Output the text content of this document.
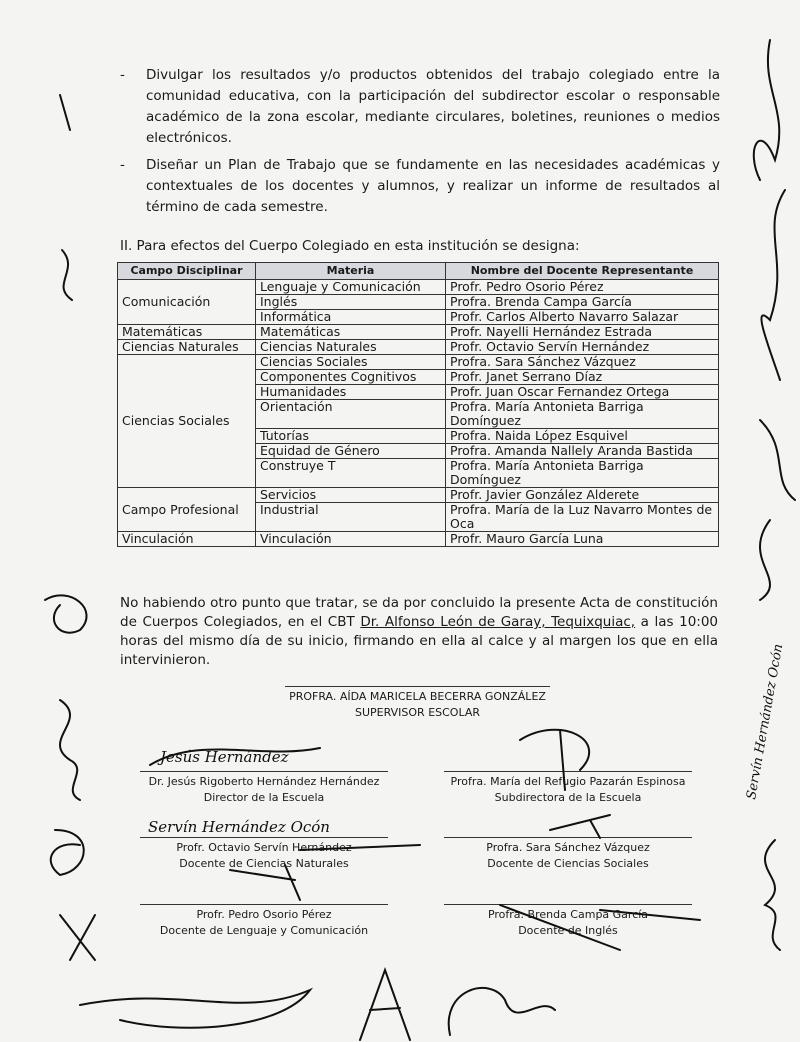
-	Divulgar los resultados y/o productos obtenidos del trabajo colegiado entre la comunidad educativa, con la participación del subdirector escolar o responsable académico de la zona escolar, mediante circulares, boletines, reuniones o medios electrónicos.
-	Diseñar un Plan de Trabajo que se fundamente en las necesidades académicas y contextuales de los docentes y alumnos, y realizar un informe de resultados al término de cada semestre.
II. Para efectos del Cuerpo Colegiado en esta institución se designa:
Campo Disciplinar	Materia	Nombre del Docente Representante
Comunicación	Lenguaje y Comunicación	Profr. Pedro Osorio Pérez
	Inglés	Profra. Brenda Campa García
	Informática	Profr. Carlos Alberto Navarro Salazar
Matemáticas	Matemáticas	Profr. Nayelli Hernández Estrada
Ciencias Naturales	Ciencias Naturales	Profr. Octavio Servín Hernández
Ciencias Sociales	Ciencias Sociales	Profra. Sara Sánchez Vázquez
	Componentes Cognitivos	Profr. Janet Serrano Díaz
	Humanidades	Profr. Juan Oscar Fernandez Ortega
	Orientación	Profra. María Antonieta Barriga Domínguez
	Tutorías	Profra. Naida López Esquivel
	Equidad de Género	Profra. Amanda Nallely Aranda Bastida
	Construye T	Profra. María Antonieta Barriga Domínguez
Campo Profesional	Servicios	Profr. Javier González Alderete
	Industrial	Profra. María de la Luz Navarro Montes de Oca
Vinculación	Vinculación	Profr. Mauro García Luna
No habiendo otro punto que tratar, se da por concluido la presente Acta de constitución de Cuerpos Colegiados, en el CBT Dr. Alfonso León de Garay, Tequixquiac, a las 10:00 horas del mismo día de su inicio, firmando en ella al calce y al margen los que en ella intervinieron.
PROFRA. AÍDA MARICELA BECERRA GONZÁLEZ
SUPERVISOR ESCOLAR
Dr. Jesús Rigoberto Hernández Hernández
Director de la Escuela
Profra. María del Refugio Pazarán Espinosa
Subdirectora de la Escuela
Profr. Octavio Servín Hernández
Docente de Ciencias Naturales
Profra. Sara Sánchez Vázquez
Docente de Ciencias Sociales
Profr. Pedro Osorio Pérez
Docente de Lenguaje y Comunicación
Profra. Brenda Campa García
Docente de Inglés
Jesús Hernández
Servín Hernández Ocón
Servín Hernández Ocón
